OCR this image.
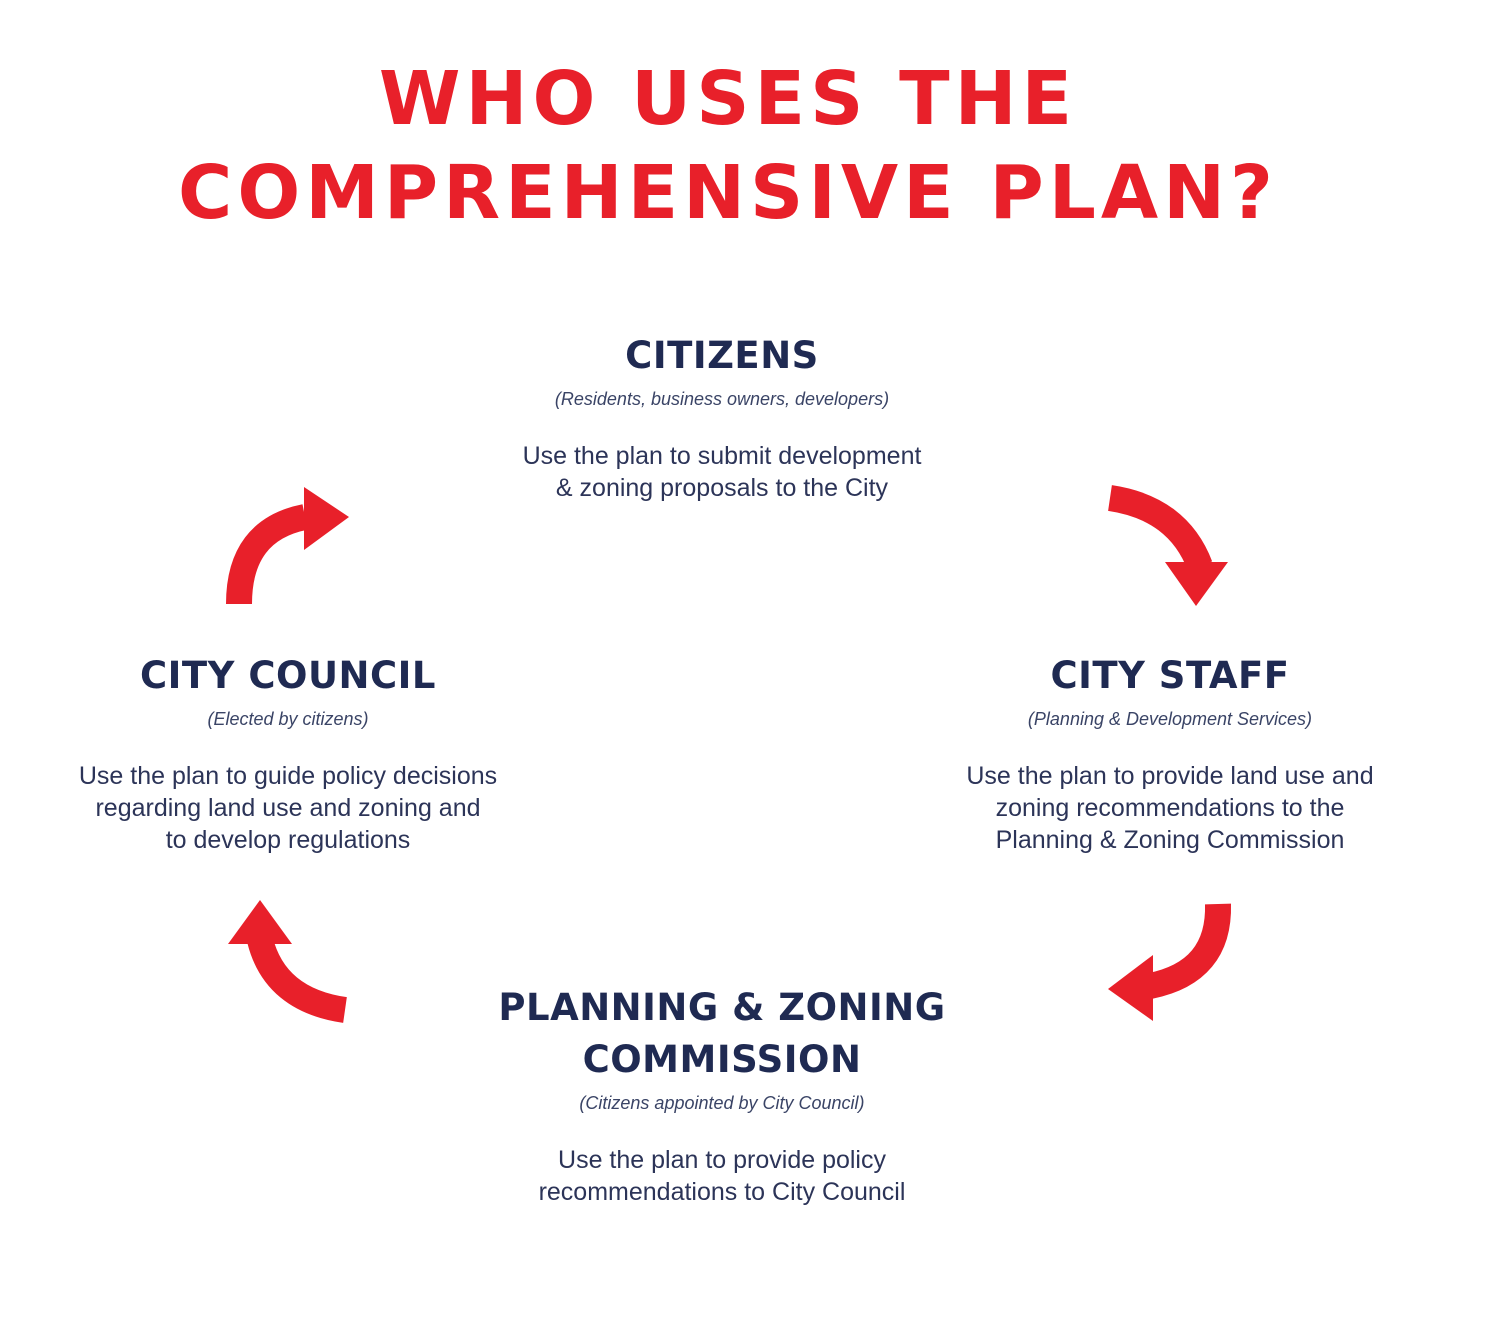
WHO USES THE
COMPREHENSIVE PLAN?
CITIZENS

(Residents, business owners, developers)

Use the plan to submit development
& zoning proposals to the City

CITY STAFF

(Planning & Development Services)

Use the plan to provide land use and
zoning recommendations to the
Planning & Zoning Commission

CITY COUNCIL

(Elected by citizens)

Use the plan to guide policy decisions
regarding land use and zoning and
to develop regulations

PLANNING & ZONING
COMMISSION

(Citizens appointed by City Council)

Use the plan to provide policy
recommendations to City Council
